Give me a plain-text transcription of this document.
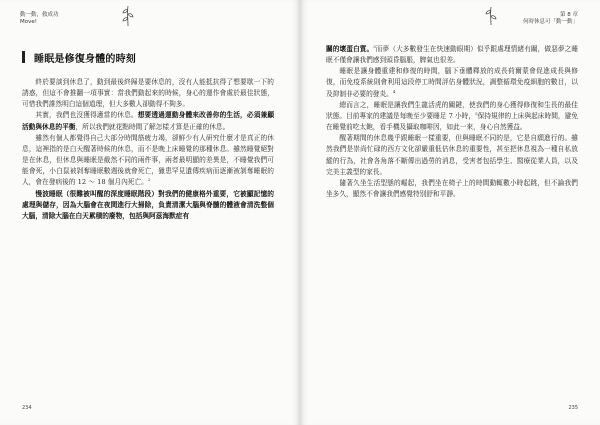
動一動，救成功
Move!
睡眠是修復身體的時刻

終於要談到休息了，動到最後終歸是要休息的，沒有人能抵抗得了想要歇一下的誘惑，但這不會推翻一項事實：當我們動起來的時候，身心的運作會處於最佳狀態，可惜我們誰然明白這個道理，但大多數人卻動得不夠多。

其實，我們也沒獲得適當的休息。想要透過運動身體來改善你的生活，必須兼顧活動與休息的平衡，所以我們就花點時間了解怎樣才算是正確的休息。

雖然有個人都覺得自己大部分時間筋疲力竭，卻鮮少有人研究什麼才是真正的休息，這裡指的是白天醒著時候的休息，而不是晚上床睡覺的那種休息。雖然睡覺絕對是在休息，但休息與睡眠是截然不同的兩件事，兩者最明顯的差異是，不睡覺我們可能會死，小白鼠被剝奪睡眠數週後就會死亡，獵患罕見遺傳疾病而逐漸被剝奪睡眠的人，會在發病後的 12 ～ 18 個月內死亡。$^2$

慢波睡眠（很難被叫醒的深度睡眠階段）對我們的健康格外重要，它被顯記憶的處理與儲存，因為大腦會在夜間進行大掃除，負責清潔大腦與脊髓的體液會清洗整個大腦，清除大腦在白天累積的廢物，包括與阿茲海默症有

234
第 8 章
何時休息可「動一動」

關的壞蛋白質。$^3$而夢（大多數發生在快速動眼期）似乎跟處理情緒有關，做惡夢之睡眠不僅會讓我們感到頭昏腦脹，脾氣也很差。

睡眠是讓身體重建和修復的時間，腦下垂體釋放的成長荷爾蒙會促進成長與修復，而免疫系統則會利用這段停工時間評估身體狀況，調整循環免疫細胞的數目，以及抑制非必要的發炎。$^4$

總而言之，睡眠是讓我們生龍活虎的關鍵，使我們的身心獲得修復和生長的最佳狀態。目前專家的建議是每晚至少要睡足 7 小時，$^5$保持規律的上床與起床時間，避免在睡覺前吃太飽，看手機及攝取咖啡因，如此一來，身心自然獲益。

醒著期間的休息幾乎跟睡眠一樣重要，但與睡眠不同的是，它是自願進行的。雖然我們是崇尚忙碌的西方文化卻嚴重低估休息的重要性，甚至把休息視為一種自私放縱的行為，社會各角落不斷傳出過勞的消息，受害者包括學生、醫療從業人員，以及完美主義型的家長。

隨著久坐生活型態的崛起，我們坐在椅子上的時間動輒數小時起跳，但不論我們坐多久，顯然不會讓我們感覺特別舒和平靜。

235
